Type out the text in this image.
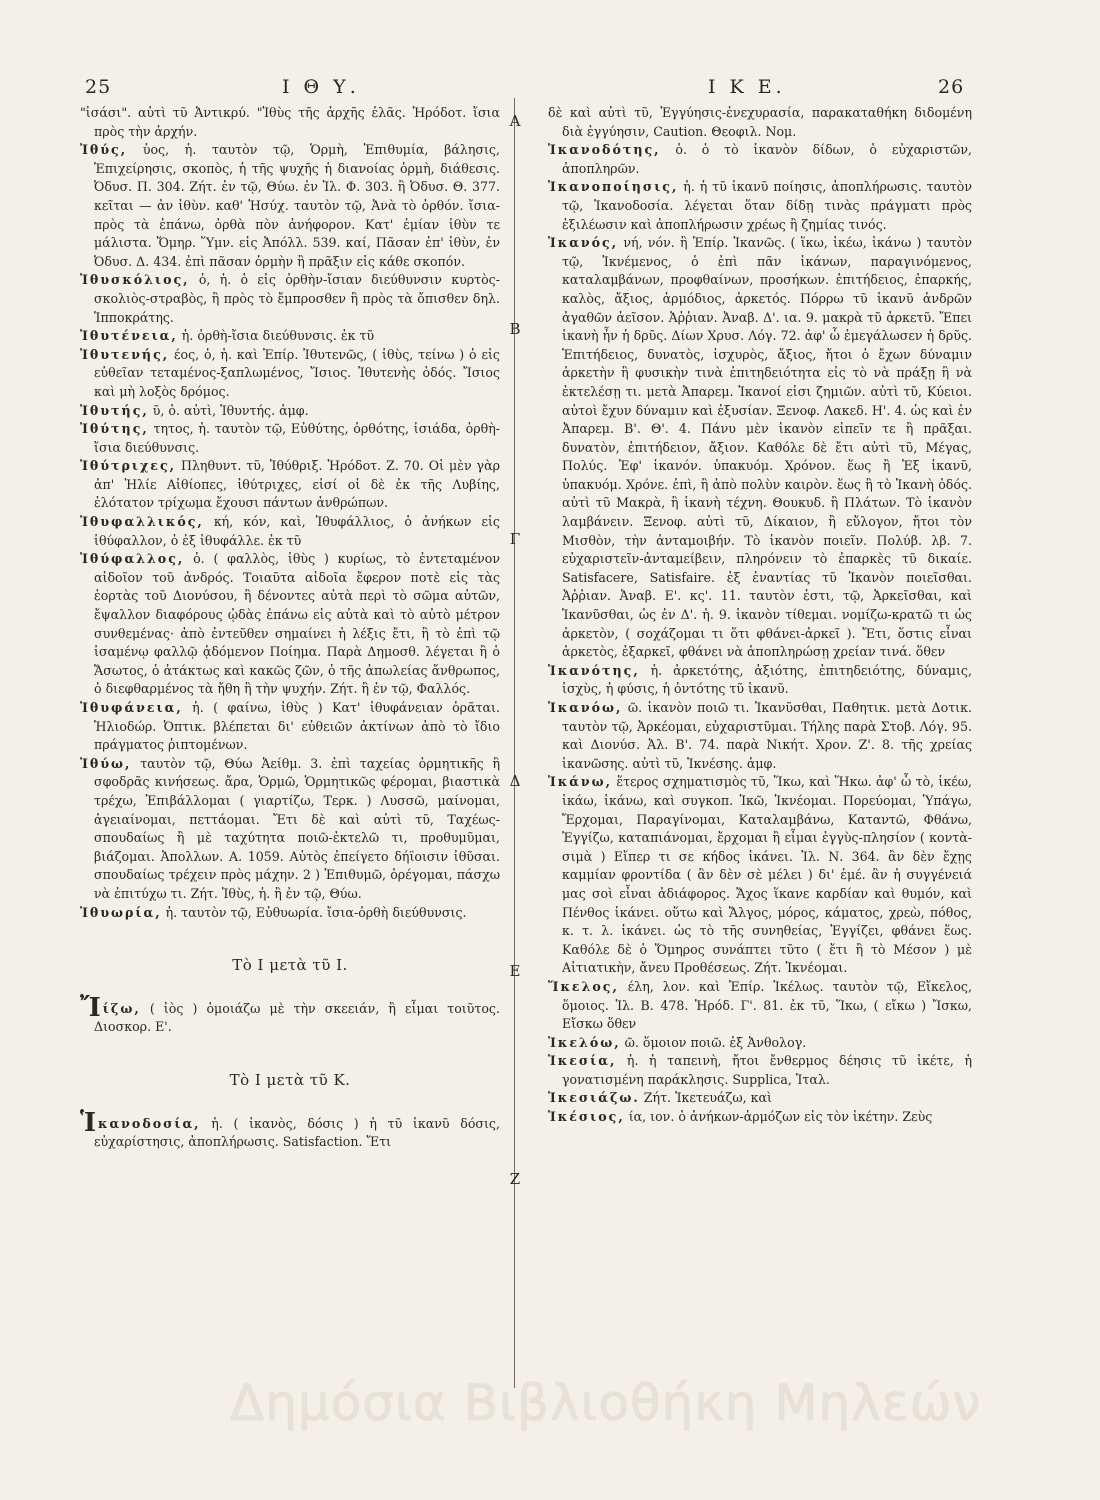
25	Ι Θ Υ.	Ι Κ Ε.	26
A
B
Γ
Δ
E
Z

"ἰσάσι". αὐτὶ τῦ Ἀντικρύ. "Ἰθὺς τῆς ἀρχῆς ἐλᾶς. Ἡρόδοτ. ἴσια πρὸς τὴν ἀρχήν.

Ἰθύς, ὑος, ἡ. ταυτὸν τῷ, Ὁρμὴ, Ἐπιθυμία, βάλησις, Ἐπιχείρησις, σκοπὸς, ἡ τῆς ψυχῆς ἡ διανοίας ὁρμὴ, διάθεσις. Ὀδυσ. Π. 304. Ζήτ. ἐν τῷ, Θύω. ἐν Ἰλ. Φ. 303. ἢ Ὀδυσ. Θ. 377. κεῖται — ἀν ἰθὺν. καθ' Ἡσύχ. ταυτὸν τῷ, Ἀνὰ τὸ ὀρθόν. ἴσια-πρὸς τὰ ἐπάνω, ὀρθὰ πὸν ἀνήφορον. Κατ' ἐμίαν ἰθὺν τε μάλιστα. Ὅμηρ. Ὕμν. εἰς Ἀπόλλ. 539. καί, Πᾶσαν ἐπ' ἰθὺν, ἐν Ὀδυσ. Δ. 434. ἐπὶ πᾶσαν ὁρμὴν ἢ πρᾶξιν εἰς κάθε σκοπόν.

Ἰθυσκόλιος, ὁ, ἡ. ὁ εἰς ὀρθὴν-ἴσιαν διεύθυνσιν κυρτὸς-σκολιὸς-στραβὸς, ἢ πρὸς τὸ ἔμπροσθεν ἢ πρὸς τὰ ὄπισθεν δηλ. Ἱπποκράτης.

Ἰθυτένεια, ἡ. ὀρθὴ-ἴσια διεύθυνσις. ἐκ τῦ

Ἰθυτενής, έος, ὁ, ἡ. καὶ Ἐπίρ. Ἰθυτενῶς, ( ἰθὺς, τείνω ) ὁ εἰς εὐθεῖαν τεταμένος-ξαπλωμένος, Ἴσιος. Ἰθυτενὴς ὁδός. Ἴσιος καὶ μὴ λοξὸς δρόμος.

Ἰθυτής, ῦ, ὁ. αὐτὶ, Ἰθυντής. ἀμφ.

Ἰθύτης, τητος, ἡ. ταυτὸν τῷ, Εὐθύτης, ὀρθότης, ἰσιάδα, ὀρθὴ-ἴσια διεύθυνσις.

Ἰθύτριχες, Πληθυντ. τῦ, Ἰθύθριξ. Ἡρόδοτ. Ζ. 70. Οἱ μὲν γὰρ ἀπ' Ἡλίε Αἰθίοπες, ἰθύτριχες, εἰσί οἱ δὲ ἐκ τῆς Λυβίης, ἐλότατον τρίχωμα ἔχουσι πάντων ἀνθρώπων.

Ἰθυφαλλικός, κή, κόν, καὶ, Ἰθυφάλλιος, ὁ ἀνήκων εἰς ἰθύφαλλον, ὁ ἐξ ἰθυφάλλε. ἐκ τῦ

Ἰθύφαλλος, ὁ. ( φαλλὸς, ἰθὺς ) κυρίως, τὸ ἐντεταμένον αἰδοῖον τοῦ ἀνδρός. Τοιαῦτα αἰδοῖα ἔφερον ποτὲ εἰς τὰς ἑορτὰς τοῦ Διονύσου, ἢ δένοντες αὐτὰ περὶ τὸ σῶμα αὐτῶν, ἔψαλλον διαφόρους ᾠδὰς ἐπάνω εἰς αὐτὰ καὶ τὸ αὐτὸ μέτρον συνθεμένας· ἀπὸ ἐντεῦθεν σημαίνει ἡ λέξις ἔτι, ἢ τὸ ἐπὶ τῷ ἰσαμένῳ φαλλῷ ᾀδόμενον Ποίημα. Παρὰ Δημοσθ. λέγεται ἢ ὁ Ἄσωτος, ὁ ἀτάκτως καὶ κακῶς ζῶν, ὁ τῆς ἀπωλείας ἄνθρωπος, ὁ διεφθαρμένος τὰ ἤθη ἢ τὴν ψυχήν. Ζήτ. ἢ ἐν τῷ, Φαλλός.

Ἰθυφάνεια, ἡ. ( φαίνω, ἰθὺς ) Κατ' ἰθυφάνειαν ὁρᾶται. Ἡλιοδώρ. Ὀπτικ. βλέπεται δι' εὐθειῶν ἀκτίνων ἀπὸ τὸ ἴδιο πράγματος ῥιπτομένων.

Ἰθύω, ταυτὸν τῷ, Θύω Ἀείθμ. 3. ἐπὶ ταχείας ὁρμητικῆς ἢ σφοδρᾶς κινήσεως. ἄρα, Ὁρμῶ, Ὁρμητικῶς φέρομαι, βιαστικὰ τρέχω, Ἐπιβάλλομαι ( γιαρτίζω, Τερκ. ) Λυσσῶ, μαίνομαι, ἀγειαίνομαι, πεττάομαι. Ἔτι δὲ καὶ αὐτὶ τῦ, Ταχέως-σπουδαίως ἢ μὲ ταχύτητα ποιῶ-ἐκτελῶ τι, προθυμῦμαι, βιάζομαι. Ἀπολλων. Α. 1059. Αὐτὸς ἐπείγετο δήϊοισιν ἰθῦσαι. σπουδαίως τρέχειν πρὸς μάχην. 2 ) Ἐπιθυμῶ, ὀρέγομαι, πάσχω νὰ ἐπιτύχω τι. Ζήτ. Ἰθὺς, ἡ. ἢ ἐν τῷ, Θύω.

Ἰθυωρία, ἡ. ταυτὸν τῷ, Εὐθυωρία. ἴσια-ὀρθὴ διεύθυνσις.

Τὸ Ι μετὰ τῦ Ι.

Ἴίζω, ( ἰὸς ) ὁμοιάζω μὲ τὴν σκεειάν, ἢ εἶμαι τοιῦτος. Διοσκορ. Ε'.

Τὸ Ι μετὰ τῦ Κ.

Ἱκανοδοσία, ἡ. ( ἱκανὸς, δόσις ) ἡ τῦ ἱκανῦ δόσις, εὐχαρίστησις, ἀποπλήρωσις. Satisfaction. Ἔτι

δὲ καὶ αὐτὶ τῦ, Ἐγγύησις-ἐνεχυρασία, παρακαταθήκη διδομένη διὰ ἐγγύησιν, Caution. Θεοφιλ. Νομ.

Ἱκανοδότης, ὁ. ὁ τὸ ἱκανὸν δίδων, ὁ εὐχαριστῶν, ἀποπληρῶν.

Ἱκανοποίησις, ἡ. ἡ τῦ ἱκανῦ ποίησις, ἀποπλήρωσις. ταυτὸν τῷ, Ἱκανοδοσία. λέγεται ὅταν δίδῃ τινὰς πράγματι πρὸς ἐξιλέωσιν καὶ ἀποπλήρωσιν χρέως ἢ ζημίας τινός.

Ἱκανός, νή, νόν. ἢ Ἐπίρ. Ἱκανῶς. ( ἵκω, ἱκέω, ἱκάνω ) ταυτὸν τῷ, Ἱκνέμενος, ὁ ἐπὶ πᾶν ἱκάνων, παραγινόμενος, καταλαμβάνων, προφθαίνων, προσήκων. ἐπιτήδειος, ἐπαρκής, καλὸς, ἄξιος, ἁρμόδιος, ἀρκετός. Πόρρω τῦ ἱκανῦ ἀνδρῶν ἀγαθῶν ἀεῖσον. Ἀῤῥιαν. Ἀναβ. Δ'. ια. 9. μακρὰ τῦ ἀρκετῦ. Ἔπει ἱκανὴ ἦν ἡ δρῦς. Δίων Χρυσ. Λόγ. 72. ἀφ' ὧ ἐμεγάλωσεν ἡ δρῦς. Ἐπιτήδειος, δυνατὸς, ἰσχυρὸς, ἄξιος, ἤτοι ὁ ἔχων δύναμιν ἀρκετὴν ἢ φυσικὴν τινὰ ἐπιτηδειότητα εἰς τὸ νὰ πράξῃ ἢ νὰ ἐκτελέσῃ τι. μετὰ Ἀπαρεμ. Ἱκανοί εἰσι ζημιῶν. αὐτὶ τῦ, Κύειοι. αὐτοὶ ἔχυν δύναμιν καὶ ἐξυσίαν. Ξενοφ. Λακεδ. Η'. 4. ὡς καὶ ἐν Ἀπαρεμ. Β'. Θ'. 4. Πάνυ μὲν ἱκανὸν εἰπεῖν τε ἢ πρᾶξαι. δυνατὸν, ἐπιτήδειον, ἄξιον. Καθόλε δὲ ἔτι αὐτὶ τῦ, Μέγας, Πολύς. Ἐφ' ἱκανόν. ὑπακυόμ. Χρόνον. ἕως ἢ Ἐξ ἱκανῦ, ὑπακυόμ. Χρόνε. ἐπὶ, ἢ ἀπὸ πολὺν καιρὸν. ἕως ἢ τὸ Ἱκανὴ ὁδός. αὐτὶ τῦ Μακρὰ, ἢ ἱκανὴ τέχνη. Θουκυδ. ἢ Πλάτων. Τὸ ἱκανὸν λαμβάνειν. Ξενοφ. αὐτὶ τῦ, Δίκαιον, ἢ εὔλογον, ἤτοι τὸν Μισθὸν, τὴν ἀνταμοιβήν. Τὸ ἱκανὸν ποιεῖν. Πολύβ. λβ. 7. εὐχαριστεῖν-ἀνταμείβειν, πληρόνειν τὸ ἐπαρκὲς τῦ δικαίε. Satisfacere, Satisfaire. ἐξ ἐναντίας τῦ Ἱκανὸν ποιεῖσθαι. Ἀῤῥιαν. Ἀναβ. Ε'. κς'. 11. ταυτὸν ἐστι, τῷ, Ἀρκεῖσθαι, καὶ Ἱκανῦσθαι, ὡς ἐν Δ'. ἡ. 9. ἱκανὸν τίθεμαι. νομίζω-κρατῶ τι ὡς ἀρκετὸν, ( σοχάζομαι τι ὅτι φθάνει-ἀρκεῖ ). Ἔτι, ὅστις εἶναι ἀρκετὸς, ἐξαρκεῖ, φθάνει νὰ ἀποπληρώσῃ χρείαν τινά. ὅθεν

Ἱκανότης, ἡ. ἀρκετότης, ἀξιότης, ἐπιτηδειότης, δύναμις, ἰσχὺς, ἡ φύσις, ἡ ὀντότης τῦ ἱκανῦ.

Ἱκανόω, ῶ. ἱκανὸν ποιῶ τι. Ἱκανῦσθαι, Παθητικ. μετὰ Δοτικ. ταυτὸν τῷ, Ἀρκέομαι, εὐχαριστῦμαι. Τήλης παρὰ Στοβ. Λόγ. 95. καὶ Διονύσ. Ἀλ. Β'. 74. παρὰ Νικήτ. Χρον. Ζ'. 8. τῆς χρείας ἱκανῶσης. αὐτὶ τῦ, Ἱκνέσης. ἀμφ.

Ἱκάνω, ἕτερος σχηματισμὸς τῦ, Ἵκω, καὶ Ἥκω. ἀφ' ὧ τὸ, ἱκέω, ἱκάω, ἱκάνω, καὶ συγκοπ. Ἱκῶ, Ἱκνέομαι. Πορεύομαι, Ὑπάγω, Ἔρχομαι, Παραγίνομαι, Καταλαμβάνω, Καταντῶ, Φθάνω, Ἐγγίζω, καταπιάνομαι, ἔρχομαι ἢ εἶμαι ἐγγὺς-πλησίον ( κοντὰ-σιμὰ ) Εἴπερ τι σε κήδος ἱκάνει. Ἰλ. Ν. 364. ἂν δὲν ἔχῃς καμμίαν φροντίδα ( ἂν δὲν σὲ μέλει ) δι' ἐμέ. ἂν ἡ συγγένειά μας σοὶ εἶναι ἀδιάφορος. Ἄχος ἵκανε καρδίαν καὶ θυμόν, καὶ Πένθος ἱκάνει. οὕτω καὶ Ἄλγος, μόρος, κάματος, χρεὼ, πόθος, κ. τ. λ. ἱκάνει. ὡς τὸ τῆς συνηθείας, Ἐγγίζει, φθάνει ἕως. Καθόλε δὲ ὁ Ὅμηρος συνάπτει τῦτο ( ἔτι ἢ τὸ Μέσον ) μὲ Αἰτιατικὴν, ἄνευ Προθέσεως. Ζήτ. Ἱκνέομαι.

Ἵκελος, έλη, λον. καὶ Ἐπίρ. Ἰκέλως. ταυτὸν τῷ, Εἴκελος, ὅμοιος. Ἰλ. Β. 478. Ἡρόδ. Γ'. 81. ἐκ τῦ, Ἵκω, ( εἴκω ) Ἴσκω, Εἴσκω ὅθεν

Ἰκελόω, ῶ. ὅμοιον ποιῶ. ἐξ Ἀνθολογ.

Ἱκεσία, ἡ. ἡ ταπεινὴ, ἤτοι ἔνθερμος δέησις τῦ ἱκέτε, ἡ γονατισμένη παράκλησις. Supplica, Ἰταλ.

Ἱκεσιάζω. Ζήτ. Ἱκετευάζω, καὶ

Ἱκέσιος, ία, ιον. ὁ ἀνήκων-ἁρμόζων εἰς τὸν ἱκέτην. Ζεὺς

Δημόσια Βιβλιοθήκη Μηλεών
